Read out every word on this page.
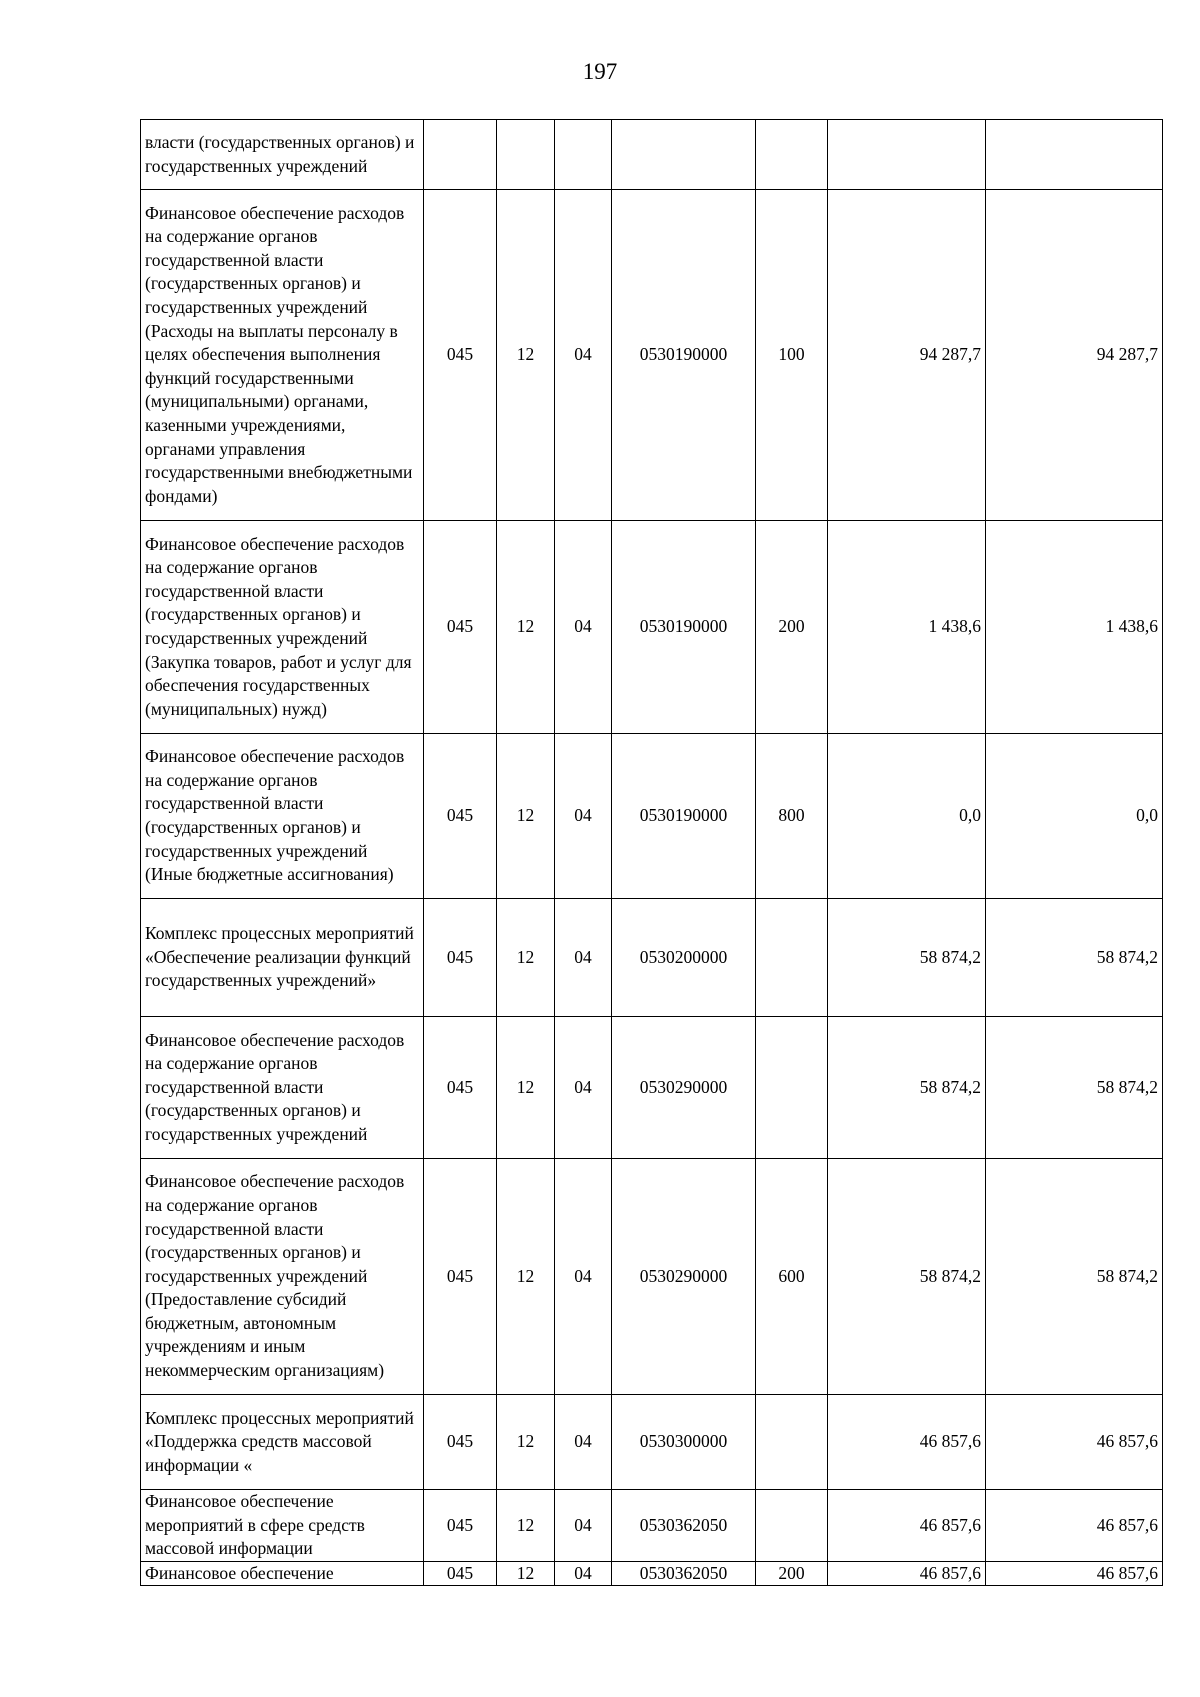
197
власти (государственных органов) и государственных учреждений							
Финансовое обеспечение расходов на содержание органов государственной власти (государственных органов) и государственных учреждений (Расходы на выплаты персоналу в целях обеспечения выполнения функций государственными (муниципальными) органами, казенными учреждениями, органами управления государственными внебюджетными фондами)	045	12	04	0530190000	100	94 287,7	94 287,7
Финансовое обеспечение расходов на содержание органов государственной власти (государственных органов) и государственных учреждений (Закупка товаров, работ и услуг для обеспечения государственных (муниципальных) нужд)	045	12	04	0530190000	200	1 438,6	1 438,6
Финансовое обеспечение расходов на содержание органов государственной власти (государственных органов) и государственных учреждений (Иные бюджетные ассигнования)	045	12	04	0530190000	800	0,0	0,0
Комплекс процессных мероприятий «Обеспечение реализации функций государственных учреждений»	045	12	04	0530200000		58 874,2	58 874,2
Финансовое обеспечение расходов на содержание органов государственной власти (государственных органов) и государственных учреждений	045	12	04	0530290000		58 874,2	58 874,2
Финансовое обеспечение расходов на содержание органов государственной власти (государственных органов) и государственных учреждений (Предоставление субсидий бюджетным, автономным учреждениям и иным некоммерческим организациям)	045	12	04	0530290000	600	58 874,2	58 874,2
Комплекс процессных мероприятий «Поддержка средств массовой информации «	045	12	04	0530300000		46 857,6	46 857,6
Финансовое обеспечение мероприятий в сфере средств массовой информации	045	12	04	0530362050		46 857,6	46 857,6
Финансовое обеспечение	045	12	04	0530362050	200	46 857,6	46 857,6
